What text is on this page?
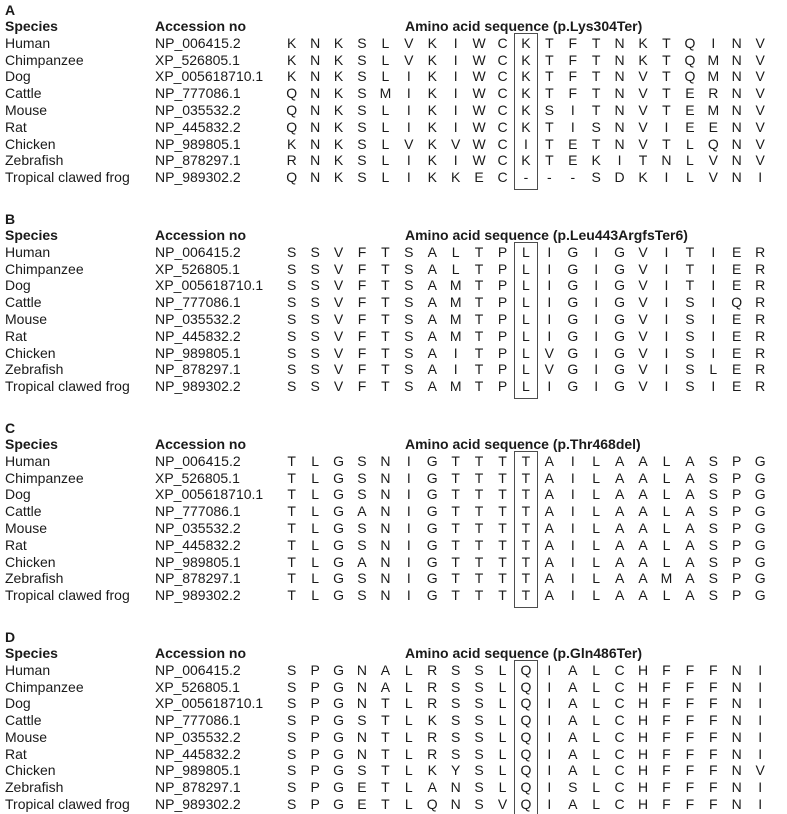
A
Species	Accession no	Amino acid sequence (p.Lys304Ter)
Human	NP_006415.2	K N K	S	L	V	K	I	W C K	T	F	T	N K	T Q	I	N V
Chimpanzee	XP_526805.1	K N K	S	L	V	K	I	W C K	T	F	T	N K	T Q M N V
Dog	XP_005618710.1	K N K	S	L	I	K	I	W C K	T	F	T	N V	T Q M N V
Cattle	NP_777086.1	Q N K	S M	I	K	I	W C K	T	F	T	N V	T	E R N V
Mouse	NP_035532.2	Q N K	S	L	I	K	I	W C K	S	I	T	N V	T	E M N V
Rat	NP_445832.2	Q N K	S	L	I	K	I	W C K	T	I	S N V	I	E	E N V
Chicken	NP_989805.1	K N K	S	L	V	K	V W C	I	T	E	T	N V	T	L	Q N V
Zebrafish	NP_878297.1	R N K	S	L	I	K	I	W C K	T	E	K	I	T	N	L	V N V
Tropical clawed frog	NP_989302.2	Q N K	S	L	I	K	K	E C	-	-	-	S D K	I	L	V N	I
B
Species	Accession no	Amino acid sequence (p.Leu443ArgfsTer6)
Human	NP_006415.2	S	S	V	F	T	S	A	L	T	P	L	I	G	I	G V	I	T	I	E R
Chimpanzee	XP_526805.1	S	S	V	F	T	S	A	L	T	P	L	I	G	I	G V	I	T	I	E R
Dog	XP_005618710.1	S	S	V	F	T	S	A M T	P	L	I	G	I	G V	I	T	I	E R
Cattle	NP_777086.1	S	S	V	F	T	S	A M T	P	L	I	G	I	G V	I	S	I	Q R
Mouse	NP_035532.2	S	S	V	F	T	S	A M T	P	L	I	G	I	G V	I	S	I	E R
Rat	NP_445832.2	S	S	V	F	T	S	A M T	P	L	I	G	I	G V	I	S	I	E R
Chicken	NP_989805.1	S	S	V	F	T	S	A	I	T	P	L	V G	I	G V	I	S	I	E R
Zebrafish	NP_878297.1	S	S	V	F	T	S	A	I	T	P	L	V G	I	G V	I	S	L	E R
Tropical clawed frog	NP_989302.2	S	S	V	F	T	S	A M T	P	L	I	G	I	G V	I	S	I	E R
C
Species	Accession no	Amino acid sequence (p.Thr468del)
Human	NP_006415.2	T	L	G S N	I	G T	T	T	T	A	I	L	A	A	L	A	S	P G
Chimpanzee	XP_526805.1	T	L	G S N	I	G T	T	T	T	A	I	L	A	A	L	A	S	P G
Dog	XP_005618710.1	T	L	G S N	I	G T	T	T	T	A	I	L	A	A	L	A	S	P G
Cattle	NP_777086.1	T	L	G A N	I	G T	T	T	T	A	I	L	A	A	L	A	S	P G
Mouse	NP_035532.2	T	L	G S N	I	G T	T	T	T	A	I	L	A	A	L	A	S	P G
Rat	NP_445832.2	T	L	G S N	I	G T	T	T	T	A	I	L	A	A	L	A	S	P G
Chicken	NP_989805.1	T	L	G A N	I	G T	T	T	T	A	I	L	A	A	L	A	S	P G
Zebrafish	NP_878297.1	T	L	G S N	I	G T	T	T	T	A	I	L	A	A M A	S	P G
Tropical clawed frog	NP_989302.2	T	L	G S N	I	G T	T	T	T	A	I	L	A	A	L	A	S	P G
D
Species	Accession no	Amino acid sequence (p.Gln486Ter)
Human	NP_006415.2	S	P G N A	L	R S	S	L	Q	I	A	L	C H	F	F	F	N	I
Chimpanzee	XP_526805.1	S	P G N A	L	R S	S	L	Q	I	A	L	C H	F	F	F	N	I
Dog	XP_005618710.1	S	P G N	T	L	R S	S	L	Q	I	A	L	C H	F	F	F	N	I
Cattle	NP_777086.1	S	P G S	T	L	K	S	S	L	Q	I	A	L	C H	F	F	F	N	I
Mouse	NP_035532.2	S	P G N	T	L	R S	S	L	Q	I	A	L	C H	F	F	F	N	I
Rat	NP_445832.2	S	P G N	T	L	R S	S	L	Q	I	A	L	C H	F	F	F	N	I
Chicken	NP_989805.1	S	P G S	T	L	K	Y	S	L	Q	I	A	L	C H	F	F	F	N V
Zebrafish	NP_878297.1	S	P G E	T	L	A N S	L	Q	I	S	L	C H	F	F	F	N	I
Tropical clawed frog	NP_989302.2	S	P G E	T	L	Q N S	V Q	I	A	L	C H	F	F	F	N	I
